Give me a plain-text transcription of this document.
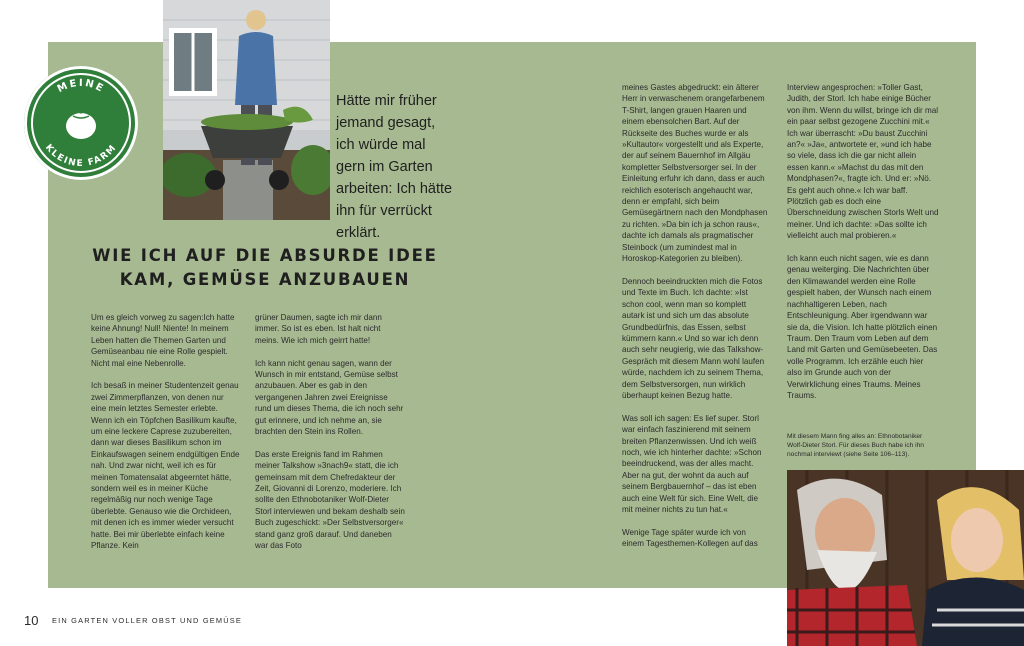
MEINE
KLEINE FARM
Hätte mir früher jemand gesagt, ich würde mal gern im Garten arbeiten: Ich hätte ihn für verrückt erklärt.
WIE ICH AUF DIE ABSURDE IDEE
KAM, GEMÜSE ANZUBAUEN

Um es gleich vorweg zu sagen:Ich hatte keine Ahnung! Null! Niente! In meinem Leben hatten die Themen Garten und Gemüseanbau nie eine Rolle gespielt. Nicht mal eine Nebenrolle.

Ich besaß in meiner Studentenzeit genau zwei Zimmerpflanzen, von denen nur eine mein letztes Semester erlebte. Wenn ich ein Töpfchen Basilikum kaufte, um eine leckere Caprese zuzubereiten, dann war dieses Basilikum schon im Einkaufswagen seinem endgültigen Ende nah. Und zwar nicht, weil ich es für meinen Tomatensalat abgeerntet hätte, sondern weil es in meiner Küche regelmäßig nur noch wenige Tage überlebte. Genauso wie die Orchideen, mit denen ich es immer wieder versucht hatte. Bei mir überlebte einfach keine Pflanze. Kein

grüner Daumen, sagte ich mir dann immer. So ist es eben. Ist halt nicht meins. Wie ich mich geirrt hatte!

Ich kann nicht genau sagen, wann der Wunsch in mir entstand, Gemüse selbst anzubauen. Aber es gab in den vergangenen Jahren zwei Ereignisse rund um dieses Thema, die ich noch sehr gut erinnere, und ich nehme an, sie brachten den Stein ins Rollen.

Das erste Ereignis fand im Rahmen meiner Talkshow »3nach9« statt, die ich gemeinsam mit dem Chefredakteur der Zeit, Giovanni di Lorenzo, moderiere. Ich sollte den Ethnobotaniker Wolf-Dieter Storl interviewen und bekam deshalb sein Buch zugeschickt: »Der Selbstversorger« stand ganz groß darauf. Und daneben war das Foto

meines Gastes abgedruckt: ein älterer Herr in verwaschenem orangefarbenem T-Shirt, langen grauen Haaren und einem ebensolchen Bart. Auf der Rückseite des Buches wurde er als »Kultautor« vorgestellt und als Experte, der auf seinem Bauernhof im Allgäu kompletter Selbstversorger sei. In der Einleitung erfuhr ich dann, dass er auch reichlich esoterisch angehaucht war, denn er empfahl, sich beim Gemüsegärtnern nach den Mondphasen zu richten. »Da bin ich ja schon raus«, dachte ich damals als pragmatischer Steinbock (um zumindest mal in Horoskop-Kategorien zu bleiben).

Dennoch beeindruckten mich die Fotos und Texte im Buch. Ich dachte: »Ist schon cool, wenn man so komplett autark ist und sich um das absolute Grundbedürfnis, das Essen, selbst kümmern kann.« Und so war ich denn auch sehr neugierig, wie das Talkshow-Gespräch mit diesem Mann wohl laufen würde, nachdem ich zu seinem Thema, dem Selbstversorgen, nun wirklich überhaupt keinen Bezug hatte.

Was soll ich sagen: Es lief super. Storl war einfach faszinierend mit seinem breiten Pflanzenwissen. Und ich weiß noch, wie ich hinterher dachte: »Schon beeindruckend, was der alles macht. Aber na gut, der wohnt da auch auf seinem Bergbauernhof – das ist eben auch eine Welt für sich. Eine Welt, die mit meiner nichts zu tun hat.«

Wenige Tage später wurde ich von einem Tagesthemen-Kollegen auf das

Interview angesprochen: »Toller Gast, Judith, der Storl. Ich habe einige Bücher von ihm. Wenn du willst, bringe ich dir mal ein paar selbst gezogene Zucchini mit.« Ich war überrascht: »Du baust Zucchini an?« »Ja«, antwortete er, »und ich habe so viele, dass ich die gar nicht allein essen kann.« »Machst du das mit den Mondphasen?«, fragte ich. Und er: »Nö. Es geht auch ohne.« Ich war baff. Plötzlich gab es doch eine Überschneidung zwischen Storls Welt und meiner. Und ich dachte: »Das sollte ich vielleicht auch mal probieren.«

Ich kann euch nicht sagen, wie es dann genau weiterging. Die Nachrichten über den Klimawandel werden eine Rolle gespielt haben, der Wunsch nach einem nachhaltigeren Leben, nach Entschleunigung. Aber irgendwann war sie da, die Vision. Ich hatte plötzlich einen Traum. Den Traum vom Leben auf dem Land mit Garten und Gemüsebeeten. Das volle Programm. Ich erzähle euch hier also im Grunde auch von der Verwirklichung eines Traums. Meines Traums.

Mit diesem Mann fing alles an: Ethnobotaniker Wolf-Dieter Storl. Für dieses Buch habe ich ihn nochmal interviewt (siehe Seite 106–113).
10 EIN GARTEN VOLLER OBST UND GEMÜSE
